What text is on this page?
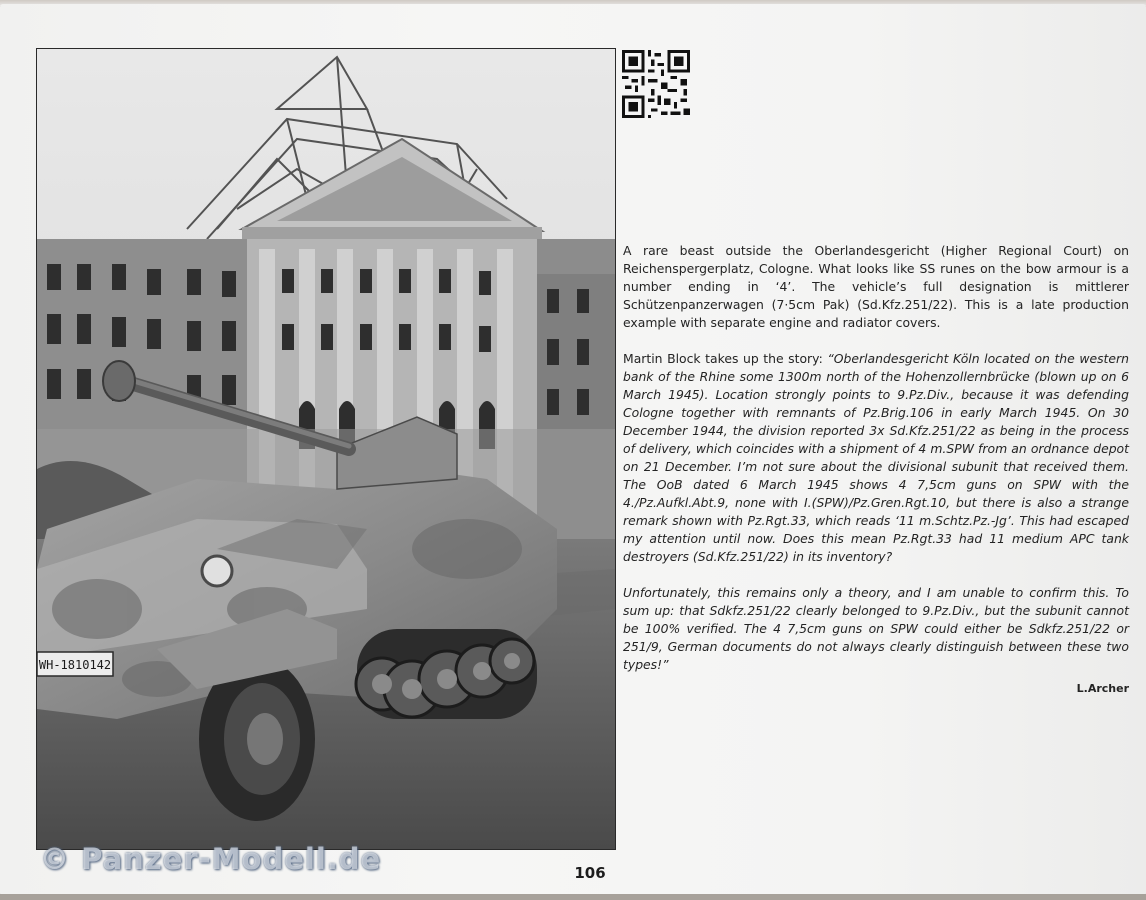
WH-1810142

A rare beast outside the Oberlandesgericht (Higher Regional Court) on Reichenspergerplatz, Cologne. What looks like SS runes on the bow armour is a number ending in ‘4’. The vehicle’s full designation is mittlerer Schützenpanzerwagen (7·5cm Pak) (Sd.Kfz.251/22). This is a late production example with separate engine and radiator covers.

Martin Block takes up the story: “Oberlandesgericht Köln located on the western bank of the Rhine some 1300m north of the Hohenzollernbrücke (blown up on 6 March 1945). Location strongly points to 9.Pz.Div., because it was defending Cologne together with remnants of Pz.Brig.106 in early March 1945. On 30 December 1944, the division reported 3x Sd.Kfz.251/22 as being in the process of delivery, which coincides with a shipment of 4 m.SPW from an ordnance depot on 21 December. I’m not sure about the divisional subunit that received them. The OoB dated 6 March 1945 shows 4 7,5cm guns on SPW with the 4./Pz.Aufkl.Abt.9, none with I.(SPW)/Pz.Gren.Rgt.10, but there is also a strange remark shown with Pz.Rgt.33, which reads ‘11 m.Schtz.Pz.-Jg’. This had escaped my attention until now. Does this mean Pz.Rgt.33 had 11 medium APC tank destroyers (Sd.Kfz.251/22) in its inventory?

Unfortunately, this remains only a theory, and I am unable to confirm this. To sum up: that Sdkfz.251/22 clearly belonged to 9.Pz.Div., but the subunit cannot be 100% verified. The 4 7,5cm guns on SPW could either be Sdkfz.251/22 or 251/9, German documents do not always clearly distinguish between these two types!”

L.Archer
106
© Panzer-Modell.de
